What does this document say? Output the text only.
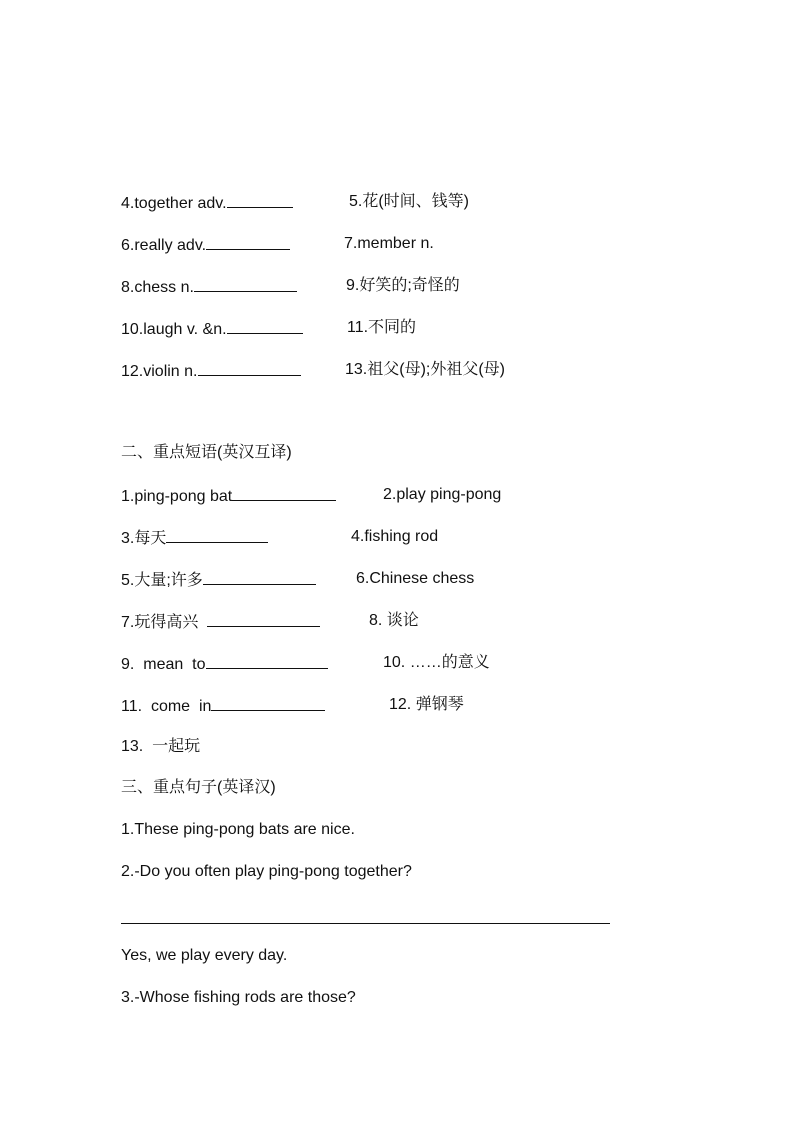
4.together adv.	5.花(时间、钱等)
6.really adv.	7.member n.
8.chess n.	9.好笑的;奇怪的
10.laugh v. &n.	11.不同的
12.violin n.	13.祖父(母);外祖父(母)
二、重点短语(英汉互译)
1.ping-pong bat	2.play ping-pong
3.每天	4.fishing rod
5.大量;许多	6.Chinese chess
7.玩得高兴	8. 谈论
9.  mean  to	10. ……的意义
11.  come  in	12. 弹钢琴
13.  一起玩
三、重点句子(英译汉)
1.These ping-pong bats are nice.
2.-Do you often play ping-pong together?
Yes, we play every day.
3.-Whose fishing rods are those?
